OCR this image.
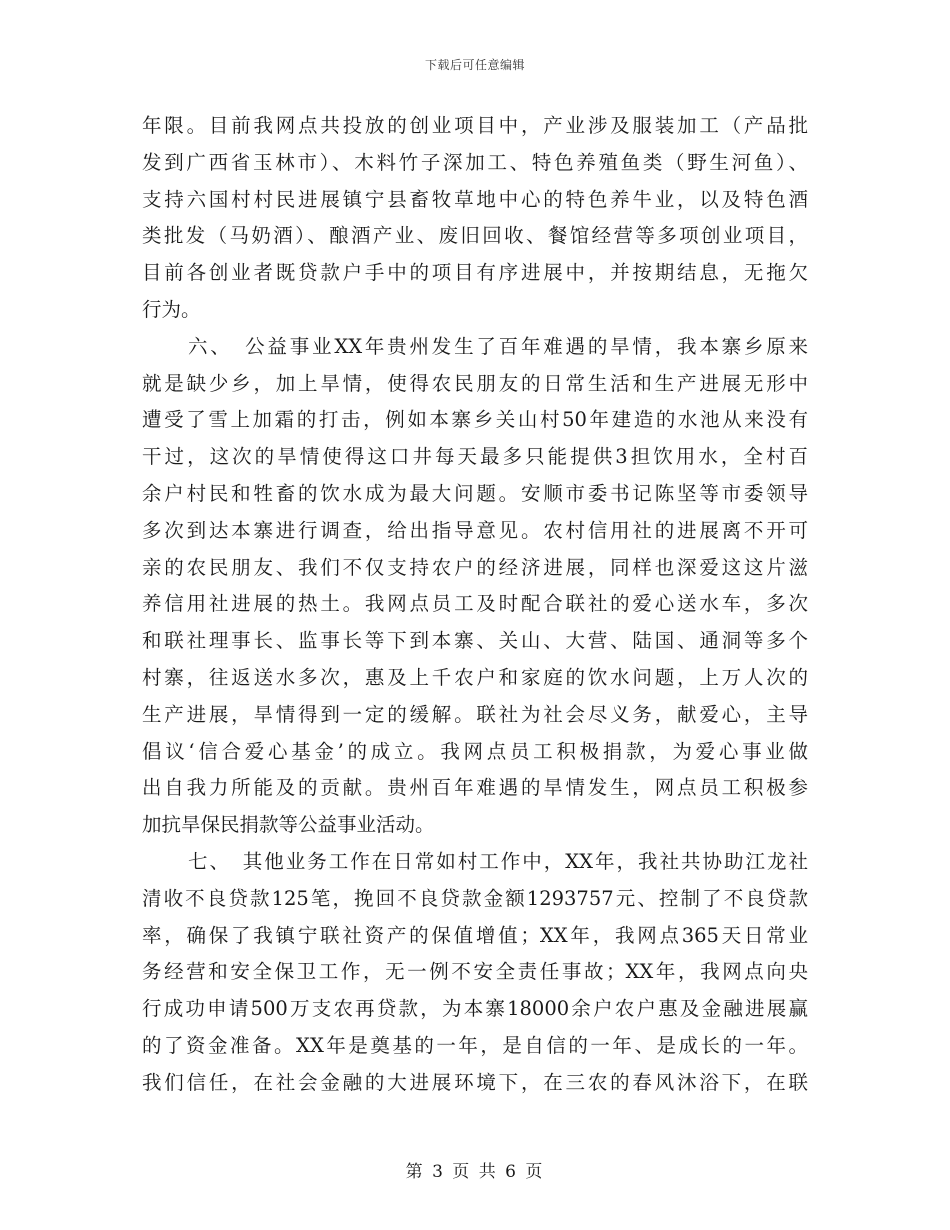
下载后可任意编辑
年限。目前我网点共投放的创业项目中，产业涉及服装加工（产品批
发到广西省玉林市）、木料竹子深加工、特色养殖鱼类（野生河鱼）、
支持六国村村民进展镇宁县畜牧草地中心的特色养牛业，以及特色酒
类批发（马奶酒）、酿酒产业、废旧回收、餐馆经营等多项创业项目，
目前各创业者既贷款户手中的项目有序进展中，并按期结息，无拖欠
行为。
六、　公益事业XX年贵州发生了百年难遇的旱情，我本寨乡原来
就是缺少乡，加上旱情，使得农民朋友的日常生活和生产进展无形中
遭受了雪上加霜的打击，例如本寨乡关山村50年建造的水池从来没有
干过，这次的旱情使得这口井每天最多只能提供3担饮用水，全村百
余户村民和牲畜的饮水成为最大问题。安顺市委书记陈坚等市委领导
多次到达本寨进行调查，给出指导意见。农村信用社的进展离不开可
亲的农民朋友、我们不仅支持农户的经济进展，同样也深爱这这片滋
养信用社进展的热土。我网点员工及时配合联社的爱心送水车，多次
和联社理事长、监事长等下到本寨、关山、大营、陆国、通洞等多个
村寨，往返送水多次，惠及上千农户和家庭的饮水问题，上万人次的
生产进展，旱情得到一定的缓解。联社为社会尽义务，献爱心，主导
倡议‘信合爱心基金’的成立。我网点员工积极捐款，为爱心事业做
出自我力所能及的贡献。贵州百年难遇的旱情发生，网点员工积极参
加抗旱保民捐款等公益事业活动。
七、　其他业务工作在日常如村工作中，XX年，我社共协助江龙社
清收不良贷款125笔，挽回不良贷款金额1293757元、控制了不良贷款
率，确保了我镇宁联社资产的保值增值；XX年，我网点365天日常业
务经营和安全保卫工作，无一例不安全责任事故；XX年，我网点向央
行成功申请500万支农再贷款，为本寨18000余户农户惠及金融进展赢
的了资金准备。XX年是奠基的一年，是自信的一年、是成长的一年。
我们信任，在社会金融的大进展环境下，在三农的春风沐浴下，在联
第 3 页 共 6 页
